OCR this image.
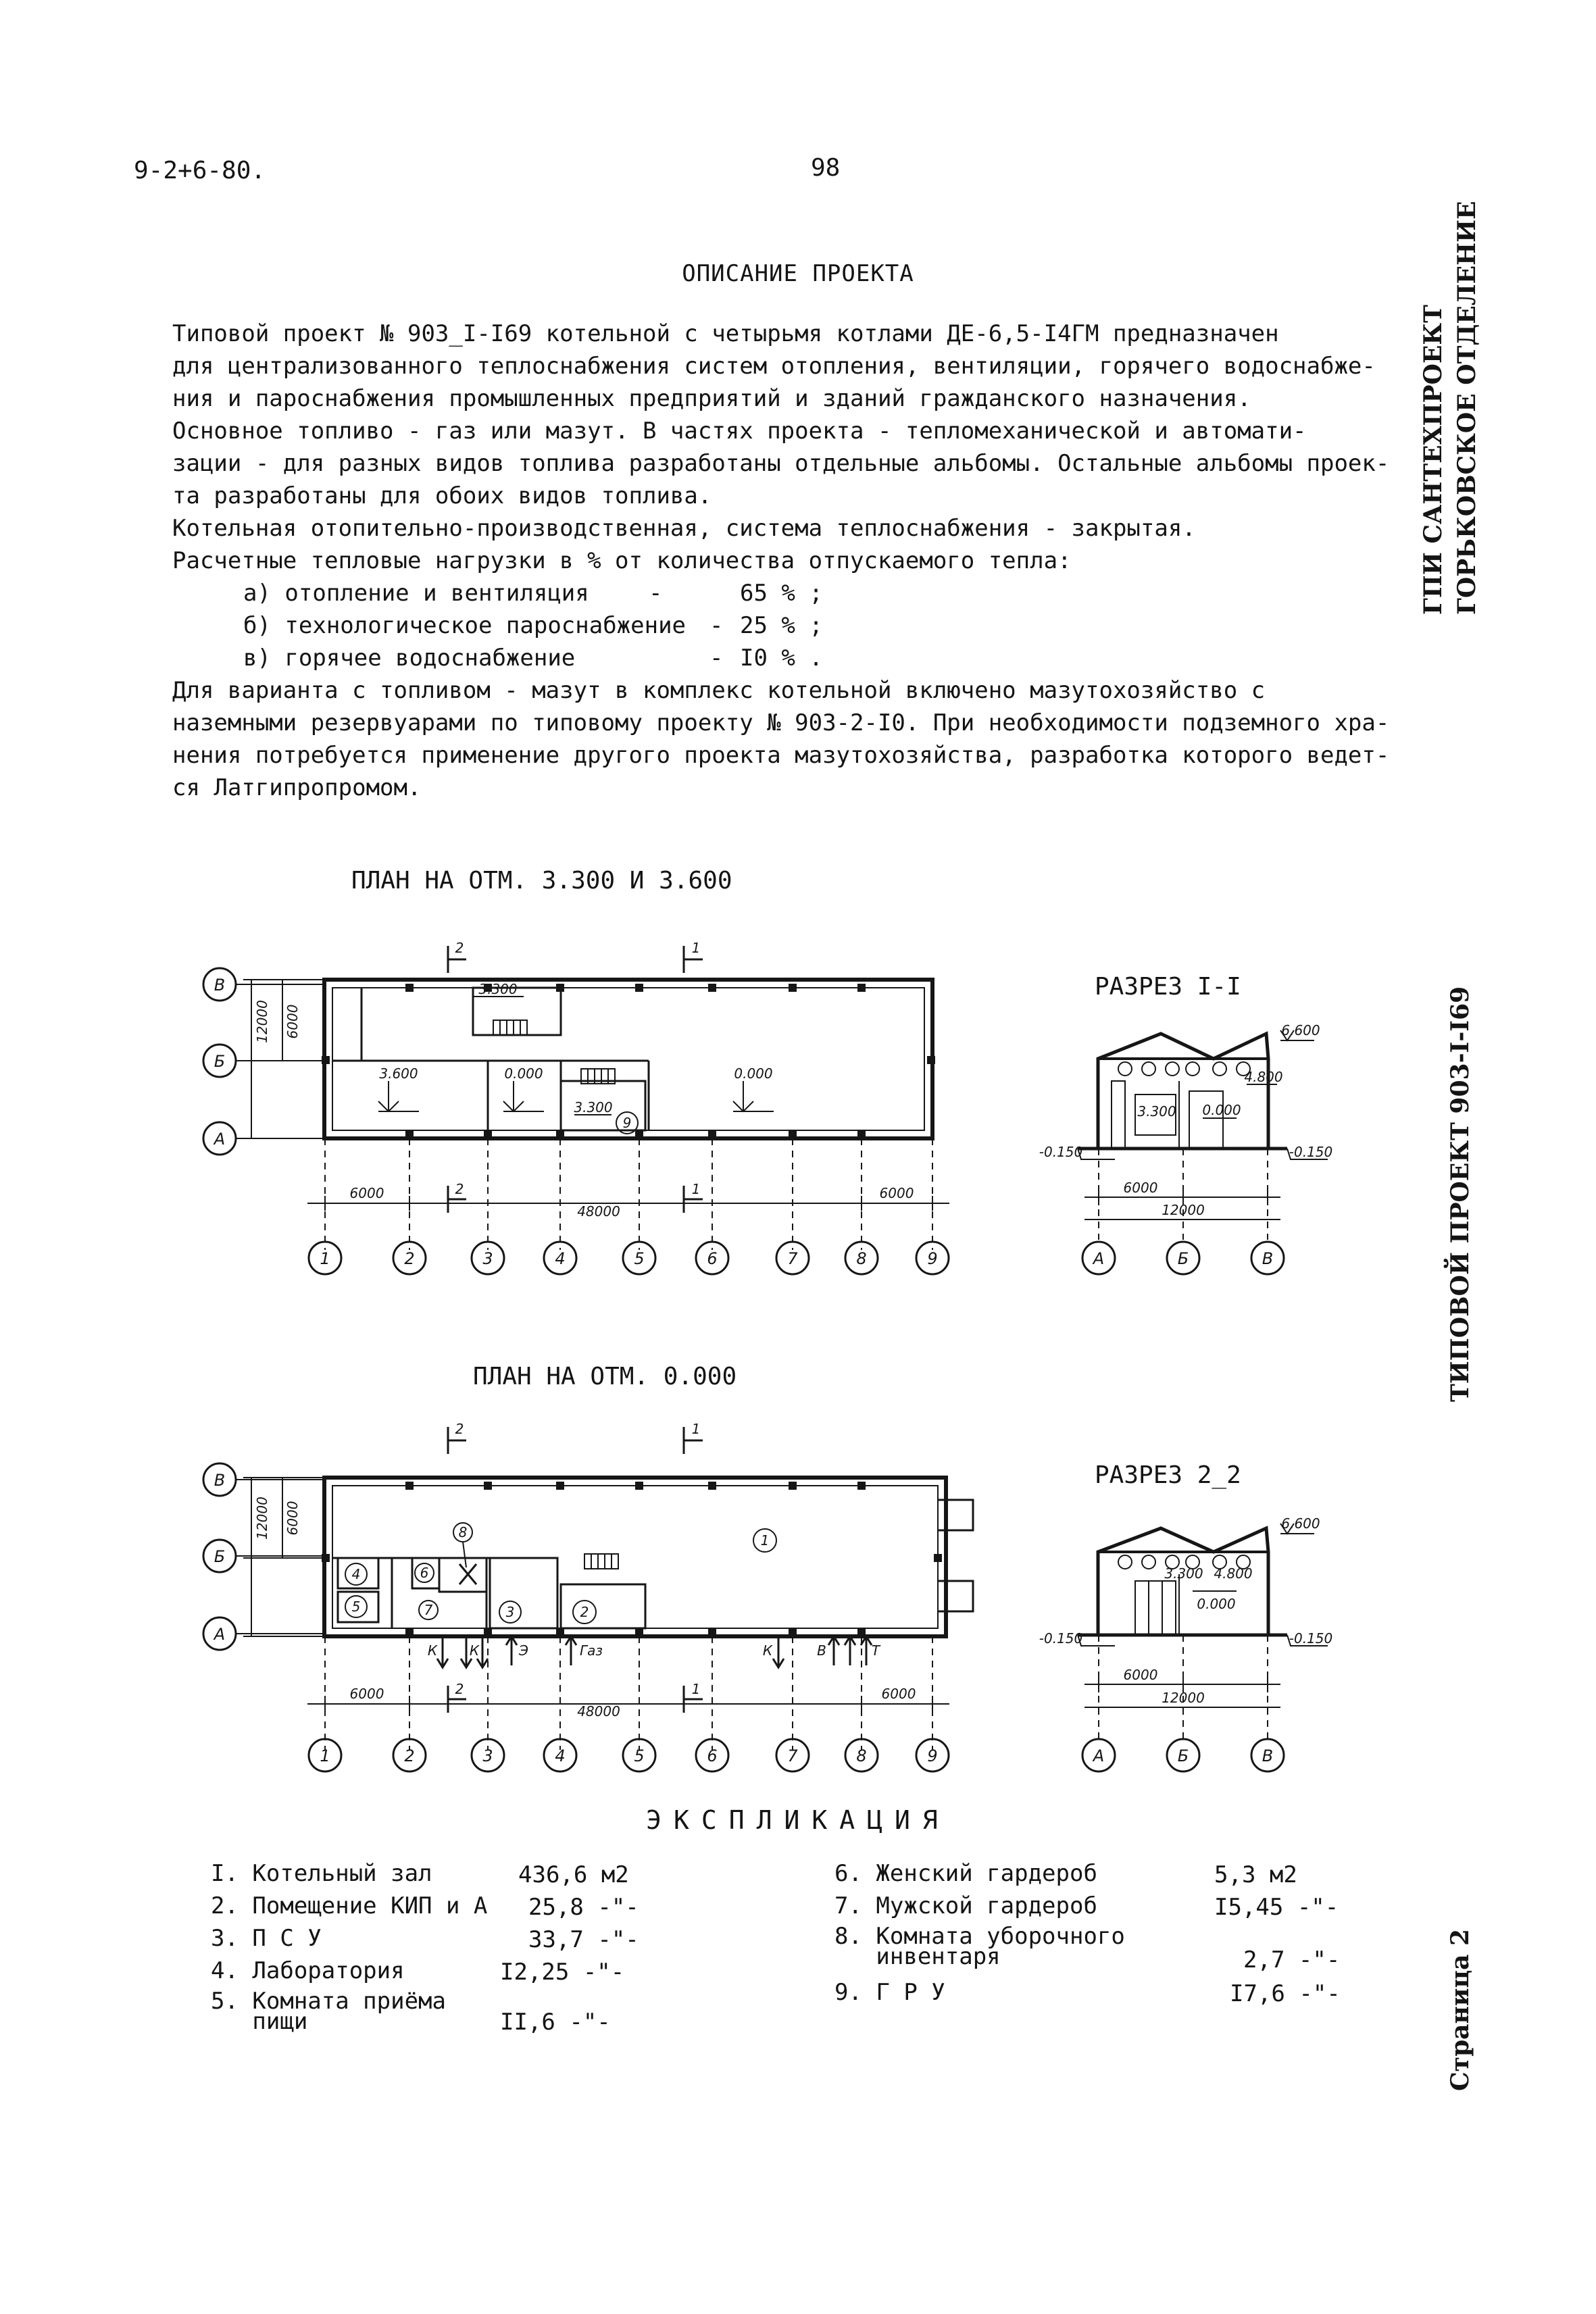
9-2+6-80.	98
ОПИСАНИЕ ПРОЕКТА

Типовой проект № 903_I-I69 котельной с четырьмя котлами ДЕ-6,5-I4ГМ предназначен

для централизованного теплоснабжения систем отопления, вентиляции, горячего водоснабже-

ния и пароснабжения промышленных предприятий и зданий гражданского назначения.

Основное топливо - газ или мазут. В частях проекта - тепломеханической и автомати-

зации - для разных видов топлива разработаны отдельные альбомы. Остальные альбомы проек-

та разработаны для обоих видов топлива.

Котельная отопительно-производственная, система теплоснабжения - закрытая.

Расчетные тепловые нагрузки в % от количества отпускаемого тепла:

а) отопление и вентиляция	-	65 % ;
б) технологическое пароснабжение - 25 % ;
в) горячее водоснабжение	- I0 % .

Для варианта с топливом - мазут в комплекс котельной включено мазутохозяйство с

наземными резервуарами по типовому проекту № 903-2-I0. При необходимости подземного хра-

нения потребуется применение другого проекта мазутохозяйства, разработка которого ведет-

ся Латгипропромом.

ГПИ САНТЕХПРОЕКТ ГОРЬКОВСКОЕ ОТДЕЛЕНИЕ
ТИПОВОЙ ПРОЕКТ 903-I-I69
Страница 2
ПЛАН НА ОТМ. 3.300 И 3.600
РАЗРЕЗ I-I
ПЛАН НА ОТМ. 0.000
РАЗРЕЗ 2_2
1	2	3	4	5	6	7	8	9
В
Б
А
А	Б	В
1	2	3	4	5	6	7	8	9
В
Б
А
А	Б	В
2	1
2	1
3.300
3.600	0.000	0.000
3.300
9
6000
48000
6000
12000 6000	6.600
4.800
3.300 0.000
-0.150	-0.150
6000
12000
2	1
2	1
1
2
3
4
5
6
7
8
К К	Э	Газ	К	В	Т
6000
48000
6000
12000 6000	6.600
3.300 4.800
0.000
-0.150	-0.150
6000
12000
ЭКСПЛИКАЦИЯ
I. Котельный зал	436,6 м2
2. Помещение КИП и А 25,8 -"-
3. П С У	33,7 -"-
4. Лаборатория	I2,25 -"-
5. Комната приёма
пищи	II,6 -"-
6. Женский гардероб	5,3 м2
7. Мужской гардероб	I5,45 -"-
8. Комната уборочного
инвентаря	2,7 -"-
9. Г Р У	I7,6 -"-
